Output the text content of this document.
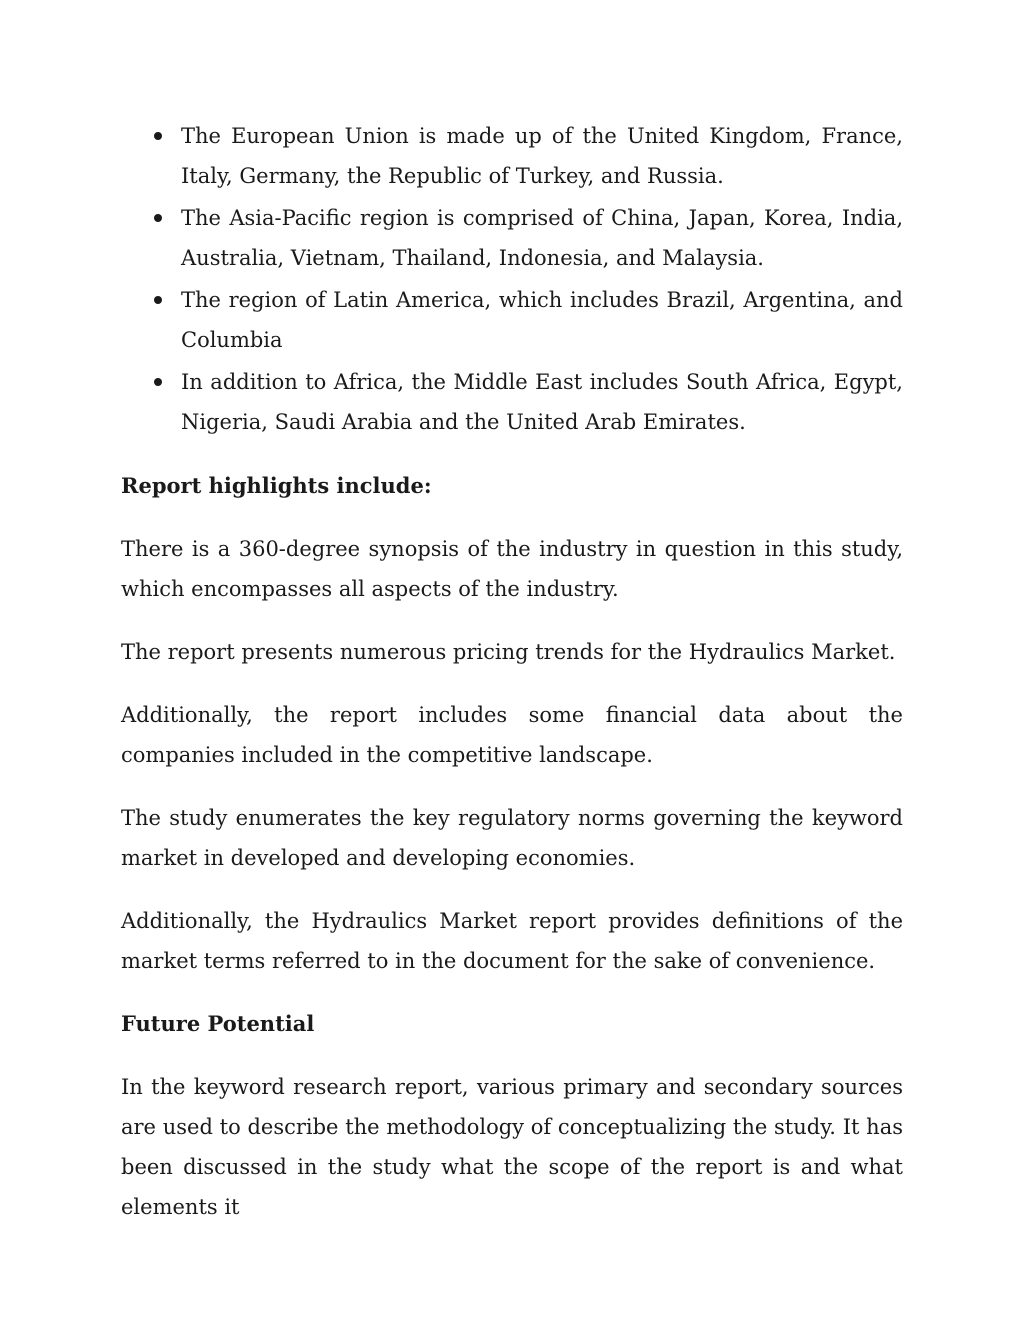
The European Union is made up of the United Kingdom, France, Italy, Germany, the Republic of Turkey, and Russia.
The Asia-Pacific region is comprised of China, Japan, Korea, India, Australia, Vietnam, Thailand, Indonesia, and Malaysia.
The region of Latin America, which includes Brazil, Argentina, and Columbia
In addition to Africa, the Middle East includes South Africa, Egypt, Nigeria, Saudi Arabia and the United Arab Emirates.
Report highlights include:

There is a 360-degree synopsis of the industry in question in this study, which encompasses all aspects of the industry.

The report presents numerous pricing trends for the Hydraulics Market.

Additionally, the report includes some financial data about the companies included in the competitive landscape.

The study enumerates the key regulatory norms governing the keyword market in developed and developing economies.

Additionally, the Hydraulics Market report provides definitions of the market terms referred to in the document for the sake of convenience.

Future Potential

In the keyword research report, various primary and secondary sources are used to describe the methodology of conceptualizing the study. It has been discussed in the study what the scope of the report is and what elements it
